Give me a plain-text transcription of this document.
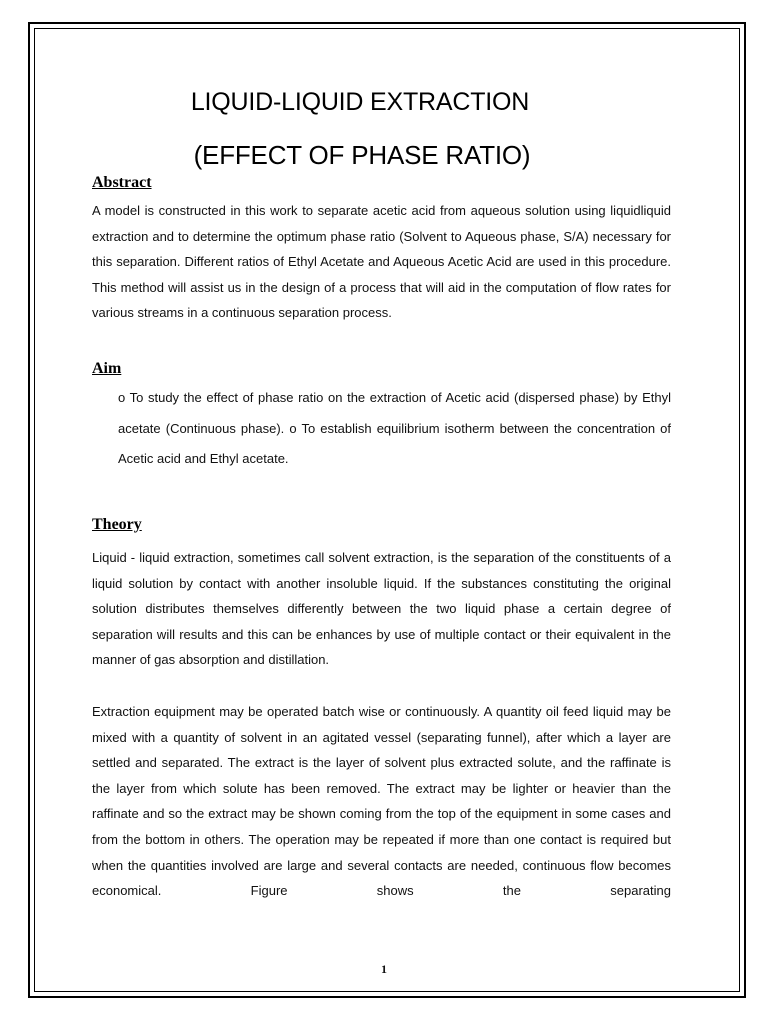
LIQUID-LIQUID EXTRACTION
(EFFECT OF PHASE RATIO)
Abstract
A model is constructed in this work to separate acetic acid from aqueous solution using liquidliquid extraction and to determine the optimum phase ratio (Solvent to Aqueous phase, S/A) necessary for this separation. Different ratios of Ethyl Acetate and Aqueous Acetic Acid are used in this procedure. This method will assist us in the design of a process that will aid in the computation of flow rates for various streams in a continuous separation process.
Aim
o To study the effect of phase ratio on the extraction of Acetic acid (dispersed phase) by Ethyl acetate (Continuous phase). o To establish equilibrium isotherm between the concentration of Acetic acid and Ethyl acetate.
Theory
Liquid - liquid extraction, sometimes call solvent extraction, is the separation of the constituents of a liquid solution by contact with another insoluble liquid. If the substances constituting the original solution distributes themselves differently between the two liquid phase a certain degree of separation will results and this can be enhances by use of multiple contact or their equivalent in the manner of gas absorption and distillation.
Extraction equipment may be operated batch wise or continuously. A quantity oil feed liquid may be mixed with a quantity of solvent in an agitated vessel (separating funnel), after which a layer are settled and separated. The extract is the layer of solvent plus extracted solute, and the raffinate is the layer from which solute has been removed. The extract may be lighter or heavier than the raffinate and so the extract may be shown coming from the top of the equipment in some cases and from the bottom in others. The operation may be repeated if more than one contact is required but when the quantities involved are large and several contacts are needed, continuous flow becomes economical. Figure shows the separating
1
